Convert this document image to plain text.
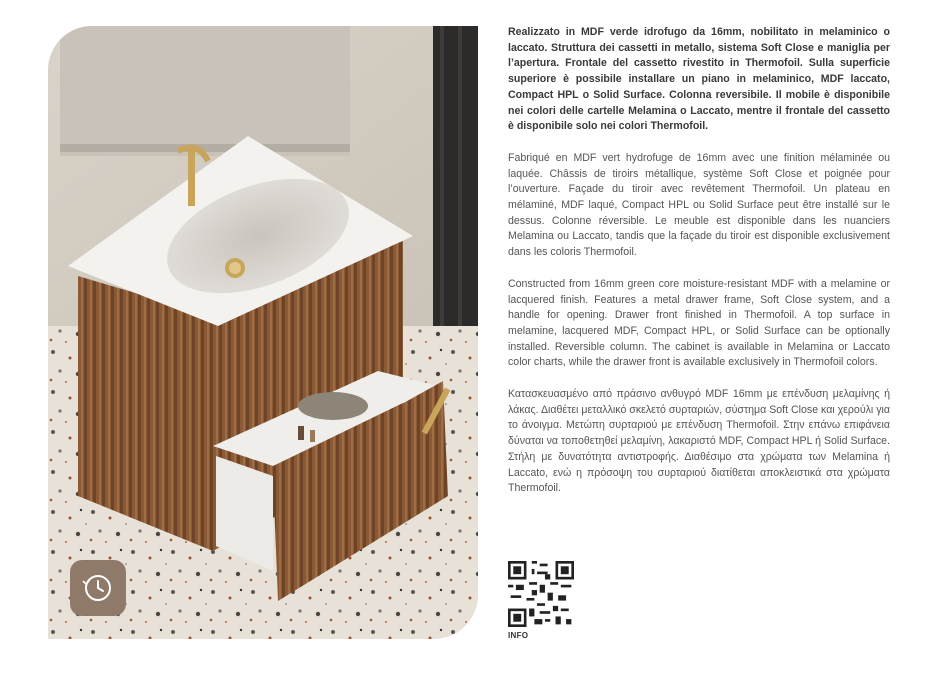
Realizzato in MDF verde idrofugo da 16mm, nobilitato in melaminico o laccato. Struttura dei cassetti in metallo, sistema Soft Close e maniglia per l’apertura. Frontale del cassetto rivestito in Thermofoil. Sulla superficie superiore è possibile installare un piano in melaminico, MDF laccato, Compact HPL o Solid Surface. Colonna reversibile. Il mobile è disponibile nei colori delle cartelle Melamina o Laccato, mentre il frontale del cassetto è disponibile solo nei colori Thermofoil.

Fabriqué en MDF vert hydrofuge de 16mm avec une finition mélaminée ou laquée. Châssis de tiroirs métallique, système Soft Close et poignée pour l’ouverture. Façade du tiroir avec revêtement Thermofoil. Un plateau en mélaminé, MDF laqué, Compact HPL ou Solid Surface peut être installé sur le dessus. Colonne réversible. Le meuble est disponible dans les nuanciers Melamina ou Laccato, tandis que la façade du tiroir est disponible exclusivement dans les coloris Thermofoil.

Constructed from 16mm green core moisture-resistant MDF with a melamine or lacquered finish. Features a metal drawer frame, Soft Close system, and a handle for opening. Drawer front finished in Thermofoil. A top surface in melamine, lacquered MDF, Compact HPL, or Solid Surface can be optionally installed. Reversible column. The cabinet is available in Melamina or Laccato color charts, while the drawer front is available exclusively in Thermofoil colors.

Κατασκευασμένο από πράσινο ανθυγρό MDF 16mm με επένδυση μελαμίνης ή λάκας. Διαθέτει μεταλλικό σκελετό συρταριών, σύστημα Soft Close και χερούλι για το άνοιγμα. Μετώπη συρταριού με επένδυση Thermofoil. Στην επάνω επιφάνεια δύναται να τοποθετηθεί μελαμίνη, λακαριστό MDF, Compact HPL ή Solid Surface. Στήλη με δυνατότητα αντιστροφής. Διαθέσιμο στα χρώματα των Melamina ή Laccato, ενώ η πρόσοψη του συρταριού διατίθεται αποκλειστικά στα χρώματα Thermofoil.

INFO
